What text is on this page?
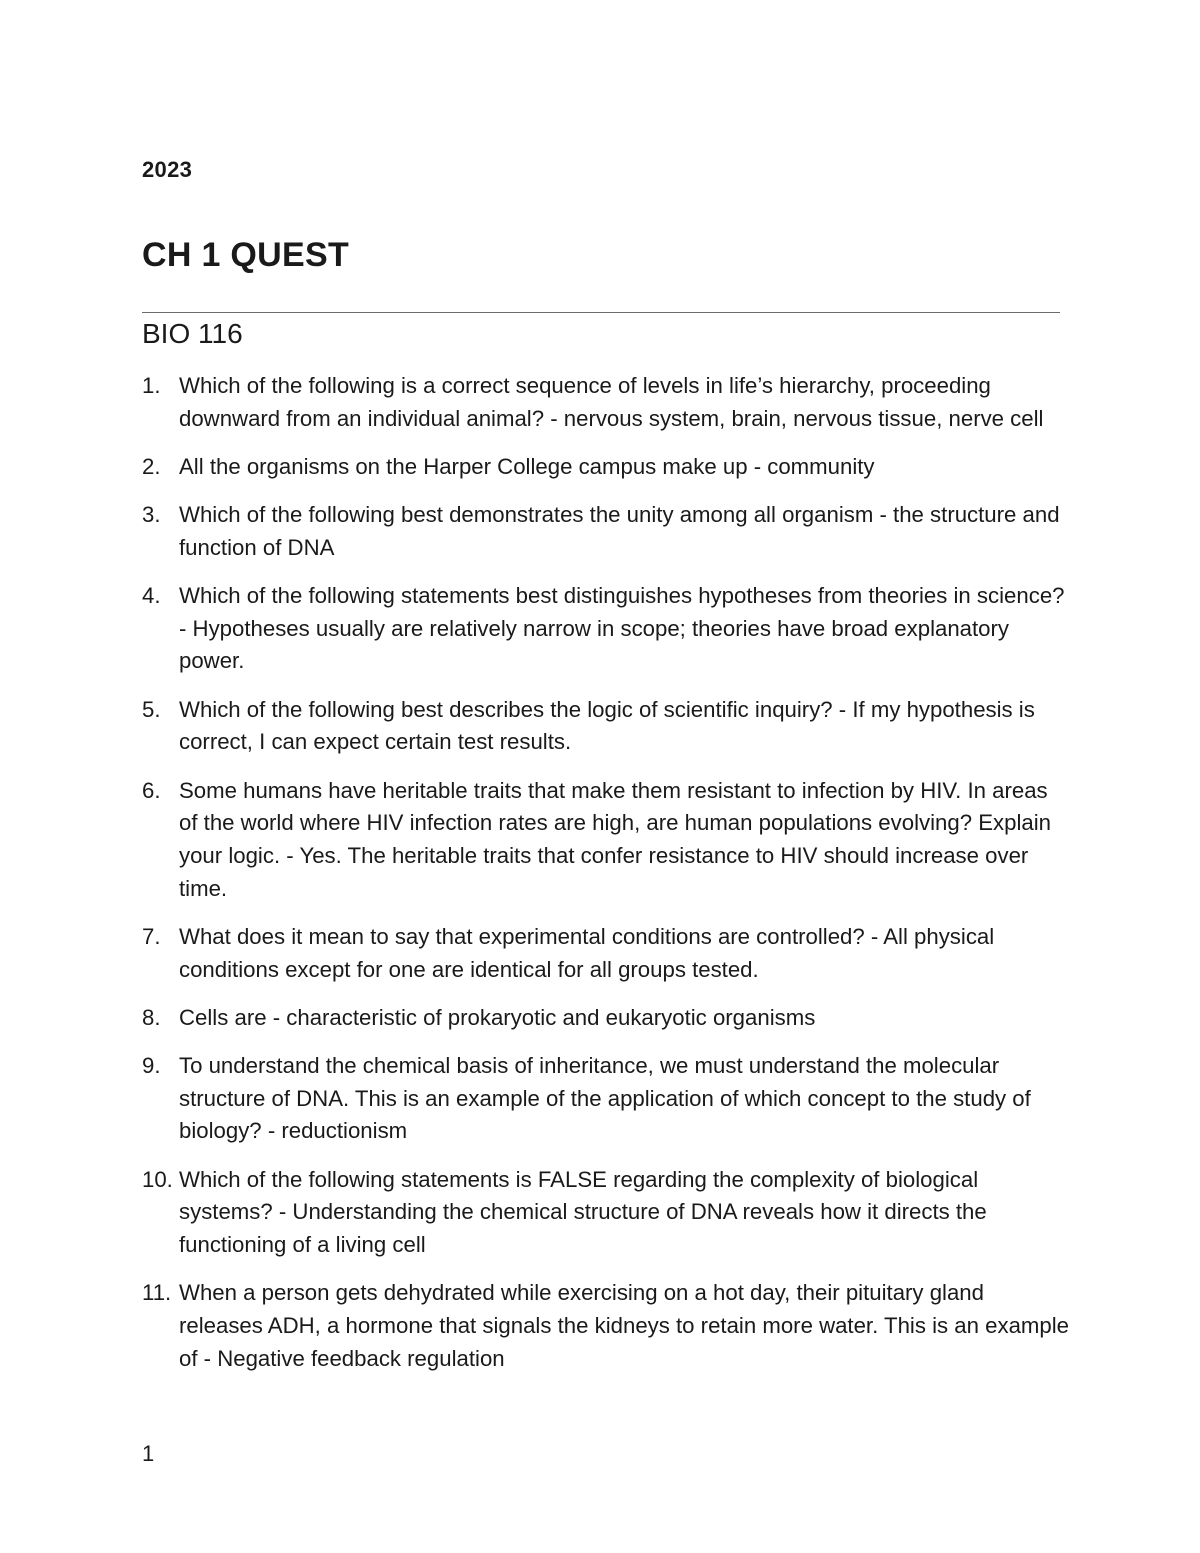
2023
CH 1 QUEST
BIO 116
1. Which of the following is a correct sequence of levels in life’s hierarchy, proceeding downward from an individual animal? - nervous system, brain, nervous tissue, nerve cell
2. All the organisms on the Harper College campus make up - community
3. Which of the following best demonstrates the unity among all organism - the structure and function of DNA
4. Which of the following statements best distinguishes hypotheses from theories in science? - Hypotheses usually are relatively narrow in scope; theories have broad explanatory power.
5. Which of the following best describes the logic of scientific inquiry? - If my hypothesis is correct, I can expect certain test results.
6. Some humans have heritable traits that make them resistant to infection by HIV. In areas of the world where HIV infection rates are high, are human populations evolving? Explain your logic. - Yes. The heritable traits that confer resistance to HIV should increase over time.
7. What does it mean to say that experimental conditions are controlled? - All physical conditions except for one are identical for all groups tested.
8. Cells are - characteristic of prokaryotic and eukaryotic organisms
9. To understand the chemical basis of inheritance, we must understand the molecular structure of DNA. This is an example of the application of which concept to the study of biology? - reductionism
10. Which of the following statements is FALSE regarding the complexity of biological systems? - Understanding the chemical structure of DNA reveals how it directs the functioning of a living cell
11. When a person gets dehydrated while exercising on a hot day, their pituitary gland releases ADH, a hormone that signals the kidneys to retain more water. This is an example of - Negative feedback regulation
1
